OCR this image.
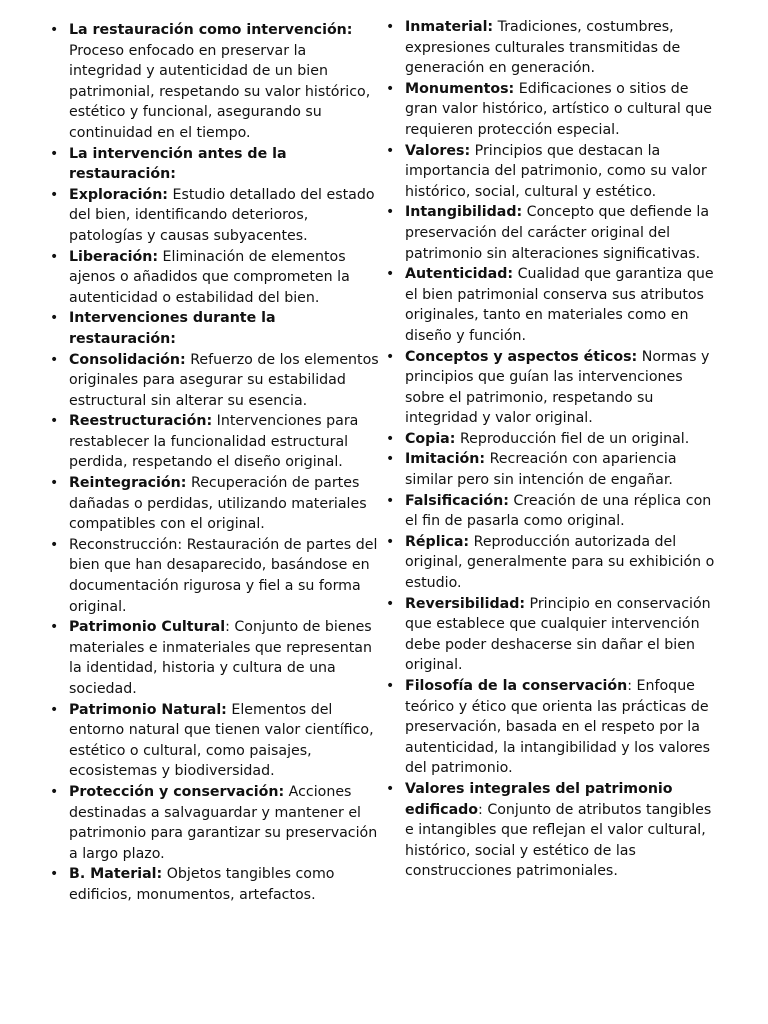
• La restauración como intervención: Proceso enfocado en preservar la integridad y autenticidad de un bien patrimonial, respetando su valor histórico, estético y funcional, asegurando su continuidad en el tiempo.
• La intervención antes de la restauración:
• Exploración: Estudio detallado del estado del bien, identificando deterioros, patologías y causas subyacentes.
• Liberación: Eliminación de elementos ajenos o añadidos que comprometen la autenticidad o estabilidad del bien.
• Intervenciones durante la restauración:
• Consolidación: Refuerzo de los elementos originales para asegurar su estabilidad estructural sin alterar su esencia.
• Reestructuración: Intervenciones para restablecer la funcionalidad estructural perdida, respetando el diseño original.
• Reintegración: Recuperación de partes dañadas o perdidas, utilizando materiales compatibles con el original.
• Reconstrucción: Restauración de partes del bien que han desaparecido, basándose en documentación rigurosa y fiel a su forma original.
• Patrimonio Cultural: Conjunto de bienes materiales e inmateriales que representan la identidad, historia y cultura de una sociedad.
• Patrimonio Natural: Elementos del entorno natural que tienen valor científico, estético o cultural, como paisajes, ecosistemas y biodiversidad.
• Protección y conservación: Acciones destinadas a salvaguardar y mantener el patrimonio para garantizar su preservación a largo plazo.
• B. Material: Objetos tangibles como edificios, monumentos, artefactos.
• Inmaterial: Tradiciones, costumbres, expresiones culturales transmitidas de generación en generación.
• Monumentos: Edificaciones o sitios de gran valor histórico, artístico o cultural que requieren protección especial.
• Valores: Principios que destacan la importancia del patrimonio, como su valor histórico, social, cultural y estético.
• Intangibilidad: Concepto que defiende la preservación del carácter original del patrimonio sin alteraciones significativas.
• Autenticidad: Cualidad que garantiza que el bien patrimonial conserva sus atributos originales, tanto en materiales como en diseño y función.
• Conceptos y aspectos éticos: Normas y principios que guían las intervenciones sobre el patrimonio, respetando su integridad y valor original.
• Copia: Reproducción fiel de un original.
• Imitación: Recreación con apariencia similar pero sin intención de engañar.
• Falsificación: Creación de una réplica con el fin de pasarla como original.
• Réplica: Reproducción autorizada del original, generalmente para su exhibición o estudio.
• Reversibilidad: Principio en conservación que establece que cualquier intervención debe poder deshacerse sin dañar el bien original.
• Filosofía de la conservación: Enfoque teórico y ético que orienta las prácticas de preservación, basada en el respeto por la autenticidad, la intangibilidad y los valores del patrimonio.
• Valores integrales del patrimonio edificado: Conjunto de atributos tangibles e intangibles que reflejan el valor cultural, histórico, social y estético de las construcciones patrimoniales.
